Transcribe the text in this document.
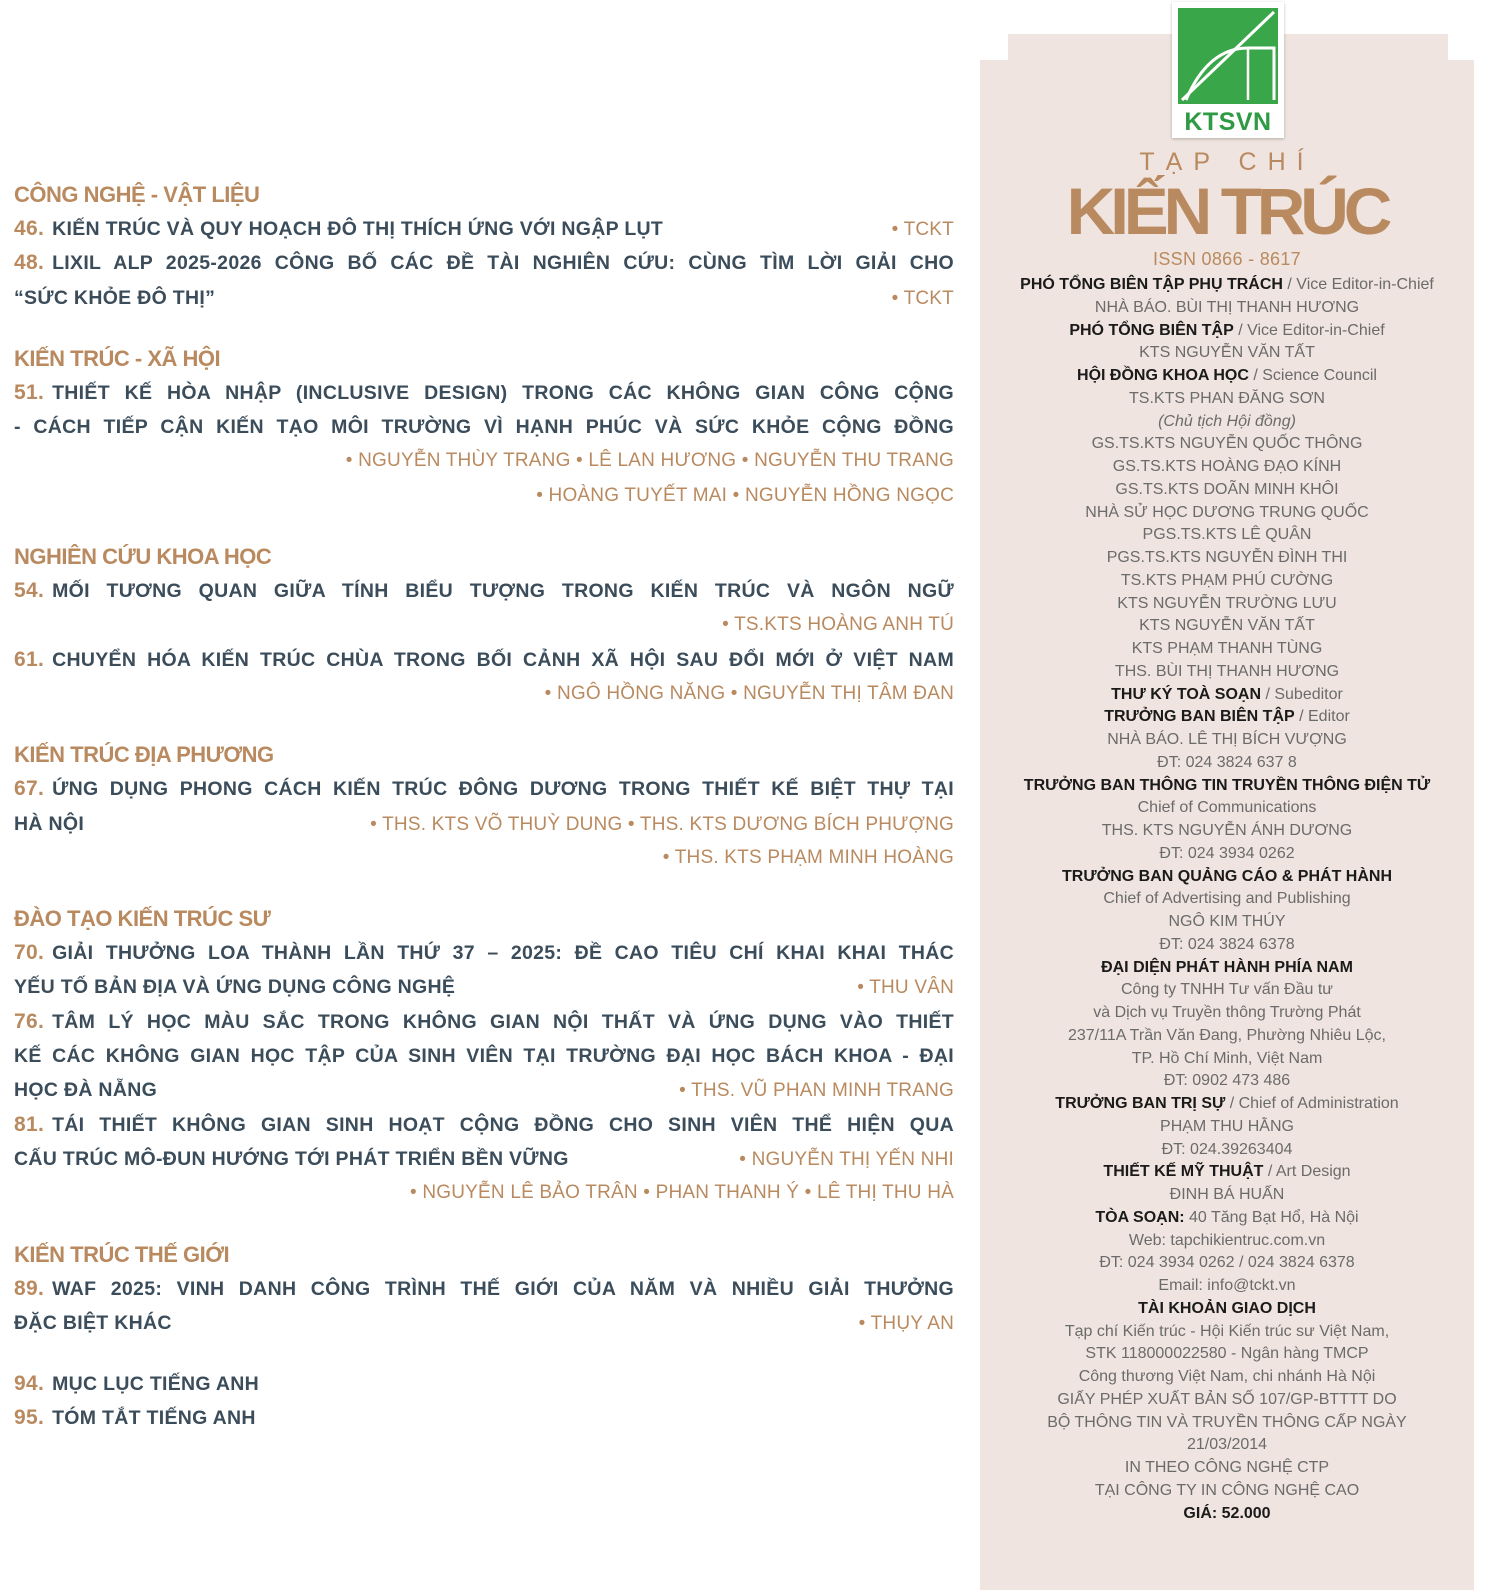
CÔNG NGHỆ - VẬT LIỆU
46. KIẾN TRÚC VÀ QUY HOẠCH ĐÔ THỊ THÍCH ỨNG VỚI NGẬP LỤT	• TCKT
48. LIXIL ALP 2025-2026 CÔNG BỐ CÁC ĐỀ TÀI NGHIÊN CỨU: CÙNG TÌM LỜI GIẢI CHO
“SỨC KHỎE ĐÔ THỊ”	• TCKT
KIẾN TRÚC - XÃ HỘI
51. THIẾT KẾ HÒA NHẬP (INCLUSIVE DESIGN) TRONG CÁC KHÔNG GIAN CÔNG CỘNG
- CÁCH TIẾP CẬN KIẾN TẠO MÔI TRƯỜNG VÌ HẠNH PHÚC VÀ SỨC KHỎE CỘNG ĐỒNG
• NGUYỄN THÙY TRANG • LÊ LAN HƯƠNG • NGUYỄN THU TRANG
• HOÀNG TUYẾT MAI • NGUYỄN HỒNG NGỌC
NGHIÊN CỨU KHOA HỌC
54. MỐI TƯƠNG QUAN GIỮA TÍNH BIỂU TƯỢNG TRONG KIẾN TRÚC VÀ NGÔN NGỮ
• TS.KTS HOÀNG ANH TÚ
61. CHUYỂN HÓA KIẾN TRÚC CHÙA TRONG BỐI CẢNH XÃ HỘI SAU ĐỔI MỚI Ở VIỆT NAM
• NGÔ HỒNG NĂNG • NGUYỄN THỊ TÂM ĐAN
KIẾN TRÚC ĐỊA PHƯƠNG
67. ỨNG DỤNG PHONG CÁCH KIẾN TRÚC ĐÔNG DƯƠNG TRONG THIẾT KẾ BIỆT THỰ TẠI
HÀ NỘI	• THS. KTS VÕ THUỲ DUNG • THS. KTS DƯƠNG BÍCH PHƯỢNG
• THS. KTS PHẠM MINH HOÀNG
ĐÀO TẠO KIẾN TRÚC SƯ
70. GIẢI THƯỞNG LOA THÀNH LẦN THỨ 37 – 2025: ĐỀ CAO TIÊU CHÍ KHAI KHAI THÁC
YẾU TỐ BẢN ĐỊA VÀ ỨNG DỤNG CÔNG NGHỆ	• THU VÂN
76. TÂM LÝ HỌC MÀU SẮC TRONG KHÔNG GIAN NỘI THẤT VÀ ỨNG DỤNG VÀO THIẾT
KẾ CÁC KHÔNG GIAN HỌC TẬP CỦA SINH VIÊN TẠI TRƯỜNG ĐẠI HỌC BÁCH KHOA - ĐẠI
HỌC ĐÀ NẴNG	• THS. VŨ PHAN MINH TRANG
81. TÁI THIẾT KHÔNG GIAN SINH HOẠT CỘNG ĐỒNG CHO SINH VIÊN THỂ HIỆN QUA
CẤU TRÚC MÔ-ĐUN HƯỚNG TỚI PHÁT TRIỂN BỀN VỮNG	• NGUYỄN THỊ YẾN NHI
• NGUYỄN LÊ BẢO TRÂN • PHAN THANH Ý • LÊ THỊ THU HÀ
KIẾN TRÚC THẾ GIỚI
89. WAF 2025: VINH DANH CÔNG TRÌNH THẾ GIỚI CỦA NĂM VÀ NHIỀU GIẢI THƯỞNG
ĐẶC BIỆT KHÁC	• THỤY AN
94. MỤC LỤC TIẾNG ANH
95. TÓM TẮT TIẾNG ANH
KTSVN
TẠP CHÍ
KIẾN TRÚC
ISSN 0866 - 8617
PHÓ TỔNG BIÊN TẬP PHỤ TRÁCH / Vice Editor-in-Chief
NHÀ BÁO. BÙI THỊ THANH HƯƠNG
PHÓ TỔNG BIÊN TẬP / Vice Editor-in-Chief
KTS NGUYỄN VĂN TẤT
HỘI ĐỒNG KHOA HỌC / Science Council
TS.KTS PHAN ĐĂNG SƠN
(Chủ tịch Hội đồng)
GS.TS.KTS NGUYỄN QUỐC THÔNG
GS.TS.KTS HOÀNG ĐẠO KÍNH
GS.TS.KTS DOÃN MINH KHÔI
NHÀ SỬ HỌC DƯƠNG TRUNG QUỐC
PGS.TS.KTS LÊ QUÂN
PGS.TS.KTS NGUYỄN ĐÌNH THI
TS.KTS PHẠM PHÚ CƯỜNG
KTS NGUYỄN TRƯỜNG LƯU
KTS NGUYỄN VĂN TẤT
KTS PHẠM THANH TÙNG
THS. BÙI THỊ THANH HƯƠNG
THƯ KÝ TOÀ SOẠN / Subeditor
TRƯỞNG BAN BIÊN TẬP / Editor
NHÀ BÁO. LÊ THỊ BÍCH VƯỢNG
ĐT: 024 3824 637 8
TRƯỞNG BAN THÔNG TIN TRUYỀN THÔNG ĐIỆN TỬ
Chief of Communications
THS. KTS NGUYỄN ÁNH DƯƠNG
ĐT: 024 3934 0262
TRƯỞNG BAN QUẢNG CÁO & PHÁT HÀNH
Chief of Advertising and Publishing
NGÔ KIM THÚY
ĐT: 024 3824 6378
ĐẠI DIỆN PHÁT HÀNH PHÍA NAM
Công ty TNHH Tư vấn Đầu tư
và Dịch vụ Truyền thông Trường Phát
237/11A Trần Văn Đang, Phường Nhiêu Lộc,
TP. Hồ Chí Minh, Việt Nam
ĐT: 0902 473 486
TRƯỞNG BAN TRỊ SỰ / Chief of Administration
PHẠM THU HẰNG
ĐT: 024.39263404
THIẾT KẾ MỸ THUẬT / Art Design
ĐINH BÁ HUẤN
TÒA SOẠN: 40 Tăng Bạt Hổ, Hà Nội
Web: tapchikientruc.com.vn
ĐT: 024 3934 0262 / 024 3824 6378
Email: info@tckt.vn
TÀI KHOẢN GIAO DỊCH
Tạp chí Kiến trúc - Hội Kiến trúc sư Việt Nam,
STK 118000022580 - Ngân hàng TMCP
Công thương Việt Nam, chi nhánh Hà Nội
GIẤY PHÉP XUẤT BẢN SỐ 107/GP-BTTTT DO
BỘ THÔNG TIN VÀ TRUYỀN THÔNG CẤP NGÀY
21/03/2014
IN THEO CÔNG NGHỆ CTP
TẠI CÔNG TY IN CÔNG NGHỆ CAO
GIÁ: 52.000
